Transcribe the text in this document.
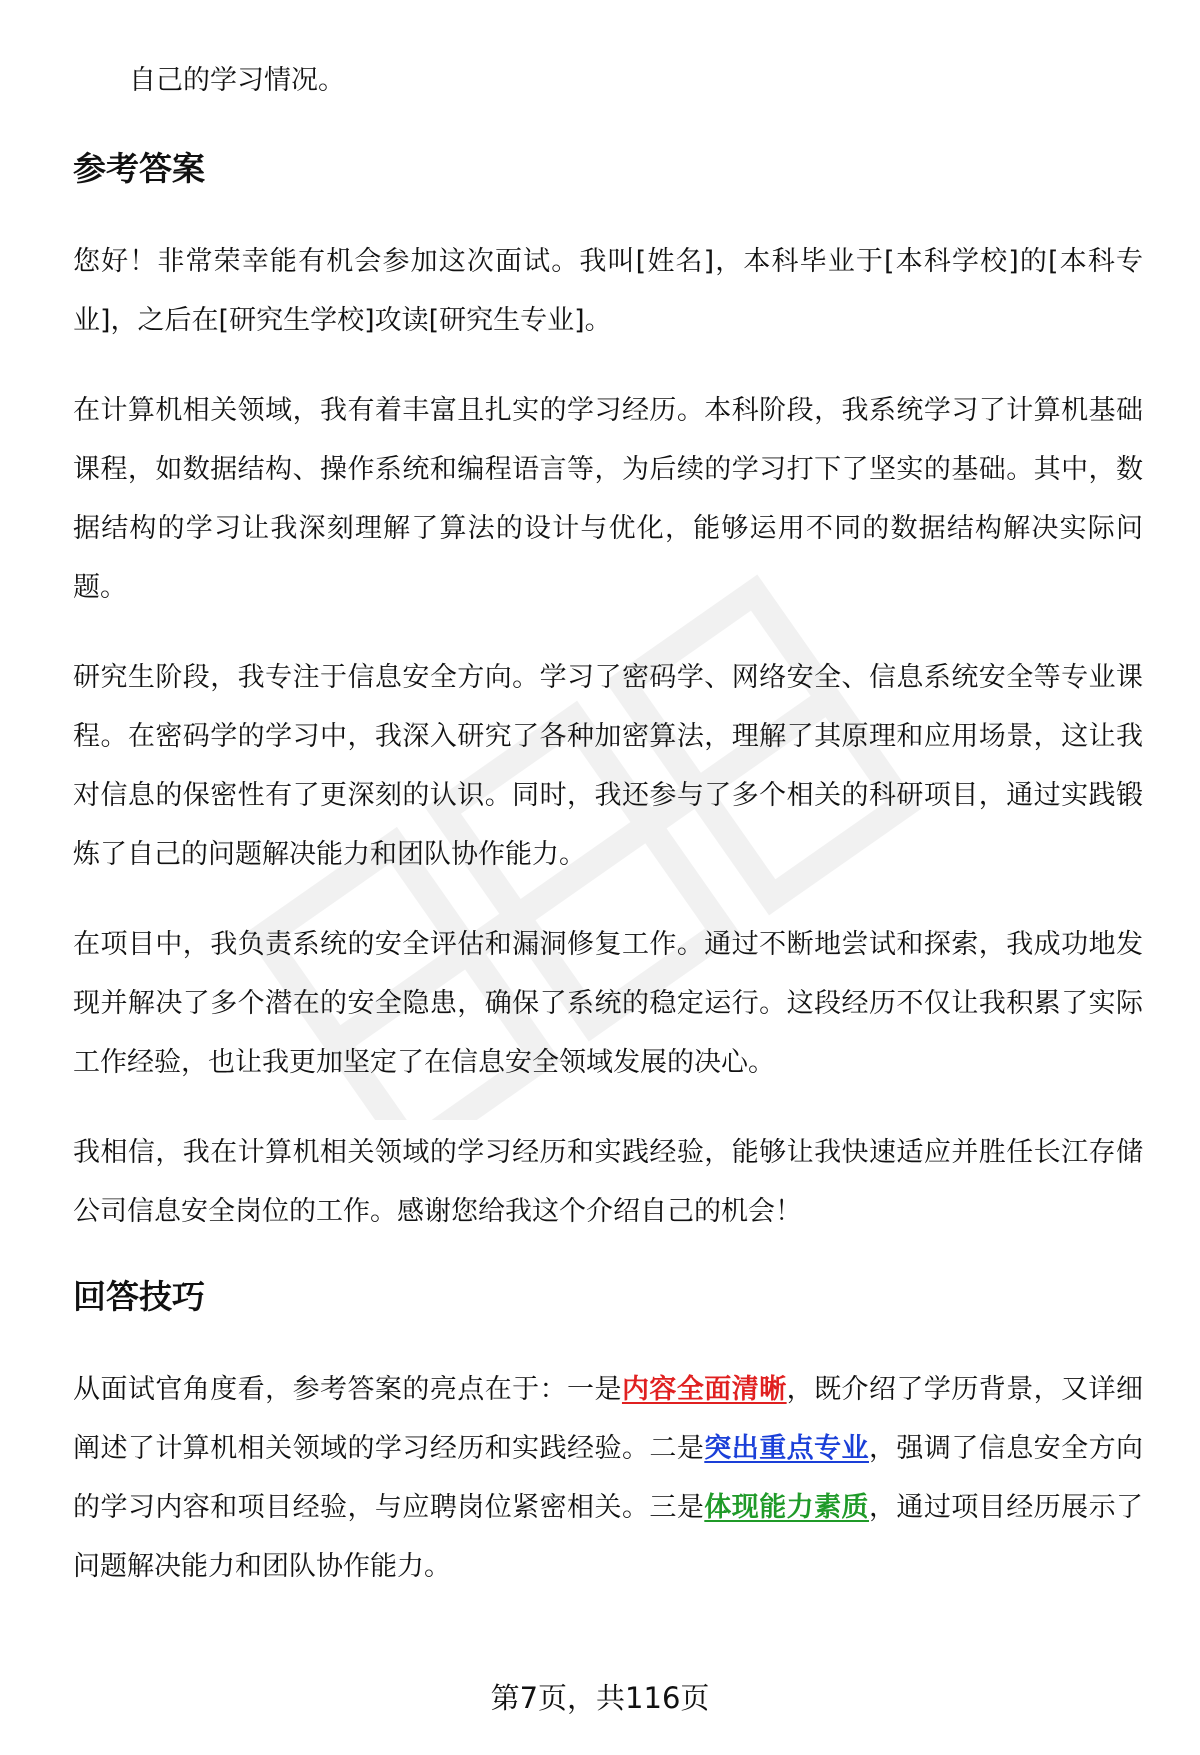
自己的学习情况。
参考答案

您好！非常荣幸能有机会参加这次面试。我叫[姓名]，本科毕业于[本科学校]的[本科专业]，之后在[研究生学校]攻读[研究生专业]。

在计算机相关领域，我有着丰富且扎实的学习经历。本科阶段，我系统学习了计算机基础课程，如数据结构、操作系统和编程语言等，为后续的学习打下了坚实的基础。其中，数据结构的学习让我深刻理解了算法的设计与优化，能够运用不同的数据结构解决实际问题。

研究生阶段，我专注于信息安全方向。学习了密码学、网络安全、信息系统安全等专业课程。在密码学的学习中，我深入研究了各种加密算法，理解了其原理和应用场景，这让我对信息的保密性有了更深刻的认识。同时，我还参与了多个相关的科研项目，通过实践锻炼了自己的问题解决能力和团队协作能力。

在项目中，我负责系统的安全评估和漏洞修复工作。通过不断地尝试和探索，我成功地发现并解决了多个潜在的安全隐患，确保了系统的稳定运行。这段经历不仅让我积累了实际工作经验，也让我更加坚定了在信息安全领域发展的决心。

我相信，我在计算机相关领域的学习经历和实践经验，能够让我快速适应并胜任长江存储公司信息安全岗位的工作。感谢您给我这个介绍自己的机会！

回答技巧

从面试官角度看，参考答案的亮点在于：一是内容全面清晰，既介绍了学历背景，又详细阐述了计算机相关领域的学习经历和实践经验。二是突出重点专业，强调了信息安全方向的学习内容和项目经验，与应聘岗位紧密相关。三是体现能力素质，通过项目经历展示了问题解决能力和团队协作能力。

第7页，共116页
